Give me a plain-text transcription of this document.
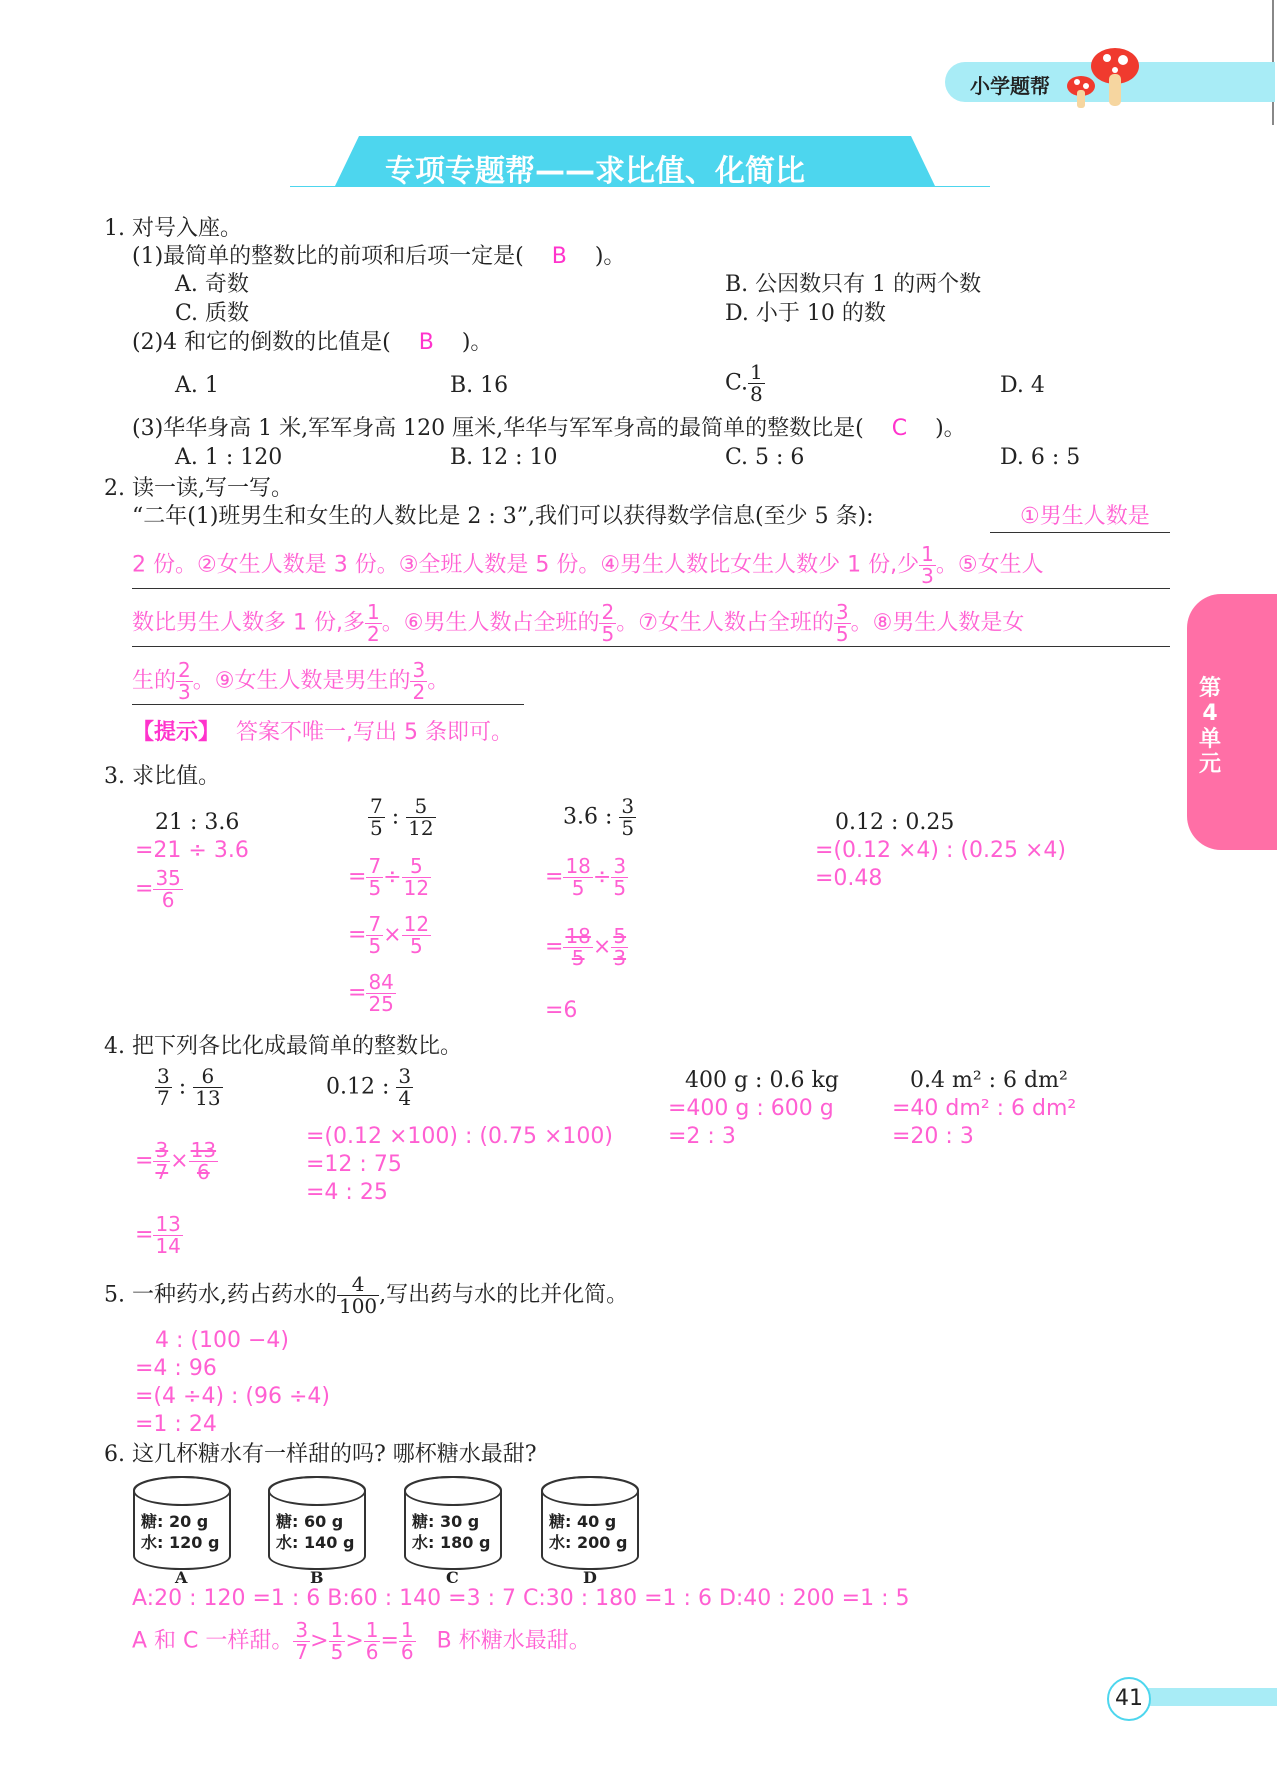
小学题帮
专项专题帮——求比值、化简比
第4单元
1. 对号入座。
(1)最简单的整数比的前项和后项一定是( B )。
A. 奇数	B. 公因数只有 1 的两个数
C. 质数	D. 小于 10 的数
(2)4 和它的倒数的比值是( B )。
A. 1	B. 16	C. $\frac{1}{8}$	D. 4
(3)华华身高 1 米,军军身高 120 厘米,华华与军军身高的最简单的整数比是( C )。
A. 1 : 120	B. 12 : 10	C. 5 : 6	D. 6 : 5
2. 读一读,写一写。
“二年(1)班男生和女生的人数比是 2 : 3”,我们可以获得数学信息(至少 5 条):	①男生人数是
2 份。②女生人数是 3 份。③全班人数是 5 份。④男生人数比女生人数少 1 份,少 $\frac{1}{3}$ 。⑤女生人
数比男生人数多 1 份,多 $\frac{1}{2}$ 。⑥男生人数占全班的 $\frac{2}{5}$ 。⑦女生人数占全班的 $\frac{3}{5}$ 。⑧男生人数是女
生的 $\frac{2}{3}$ 。⑨女生人数是男生的 $\frac{3}{2}$ 。
【提示】 答案不唯一,写出 5 条即可。
3. 求比值。
21 : 3.6
=21 ÷ 3.6
= $\frac{35}{6}$
$\frac{7}{5}$ : $\frac{5}{12}$
= $\frac{7}{5} \div \frac{5}{12}$
= $\frac{7}{5} \times \frac{12}{5}$
= $\frac{84}{25}$
3.6 : $\frac{3}{5}$
= $\frac{18}{5} \div \frac{3}{5}$
= $\frac{18}{5} \times \frac{5}{3}$
=6
0.12 : 0.25
=(0.12 ×4) : (0.25 ×4)
=0.48
4. 把下列各比化成最简单的整数比。
$\frac{3}{7}$ : $\frac{6}{13}$
= $\frac{3}{7} \times \frac{13}{6}$
= $\frac{13}{14}$
0.12 : $\frac{3}{4}$
=(0.12 ×100) : (0.75 ×100)
=12 : 75
=4 : 25
400 g : 0.6 kg
=400 g : 600 g
=2 : 3
0.4 m² : 6 dm²
=40 dm² : 6 dm²
=20 : 3
5. 一种药水,药占药水的 $\frac{4}{100}$ ,写出药与水的比并化简。
4 : (100 −4)
=4 : 96
=(4 ÷4) : (96 ÷4)
=1 : 24
6. 这几杯糖水有一样甜的吗? 哪杯糖水最甜?
糖: 20 g
水: 120 g
A
糖: 60 g
水: 140 g
B
糖: 30 g
水: 180 g
C
糖: 40 g
水: 200 g
D
A:20 : 120 =1 : 6 B:60 : 140 =3 : 7 C:30 : 180 =1 : 6 D:40 : 200 =1 : 5
A 和 C 一样甜。 $\frac{3}{7} > \frac{1}{5} > \frac{1}{6} = \frac{1}{6}$ B 杯糖水最甜。
41
